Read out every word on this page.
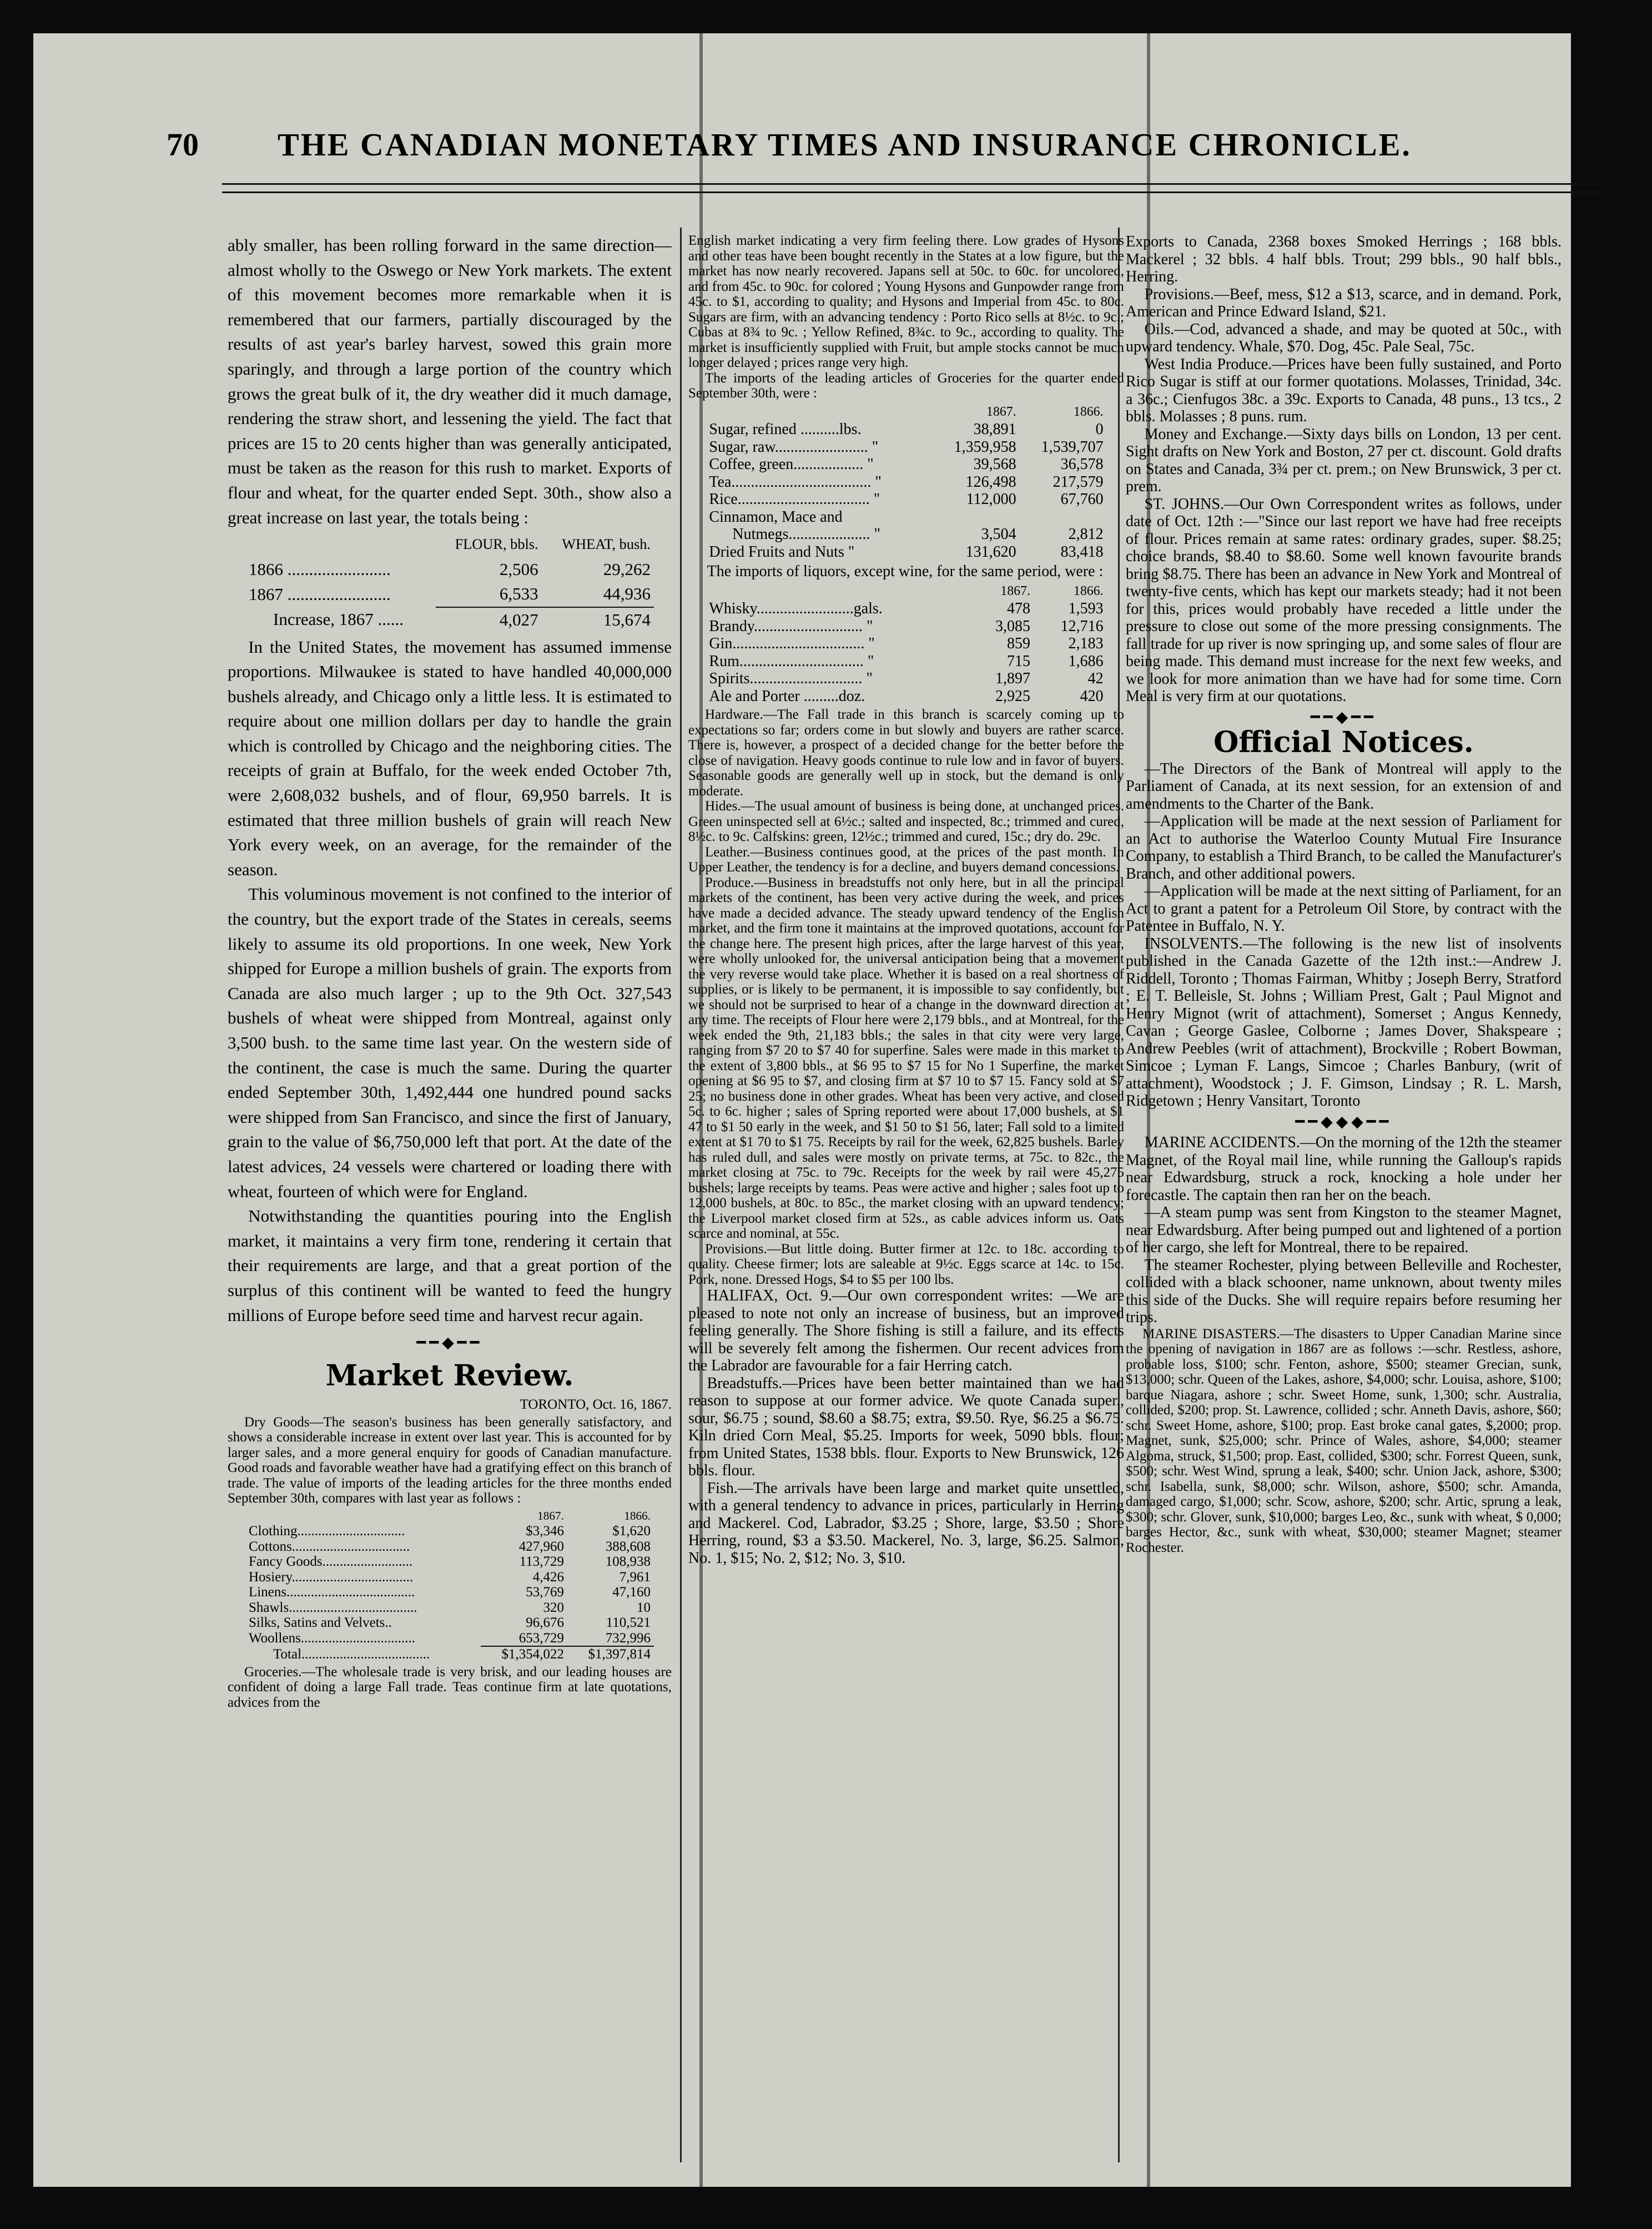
70	THE CANADIAN MONETARY TIMES AND INSURANCE CHRONICLE.

ably smaller, has been rolling forward in the same direction—almost wholly to the Oswego or New York markets. The extent of this movement becomes more remarkable when it is remembered that our farmers, partially discouraged by the results of ast year's barley harvest, sowed this grain more sparingly, and through a large portion of the country which grows the great bulk of it, the dry weather did it much damage, rendering the straw short, and lessening the yield. The fact that prices are 15 to 20 cents higher than was generally anticipated, must be taken as the reason for this rush to market. Exports of flour and wheat, for the quarter ended Sept. 30th., show also a great increase on last year, the totals being :

	FLOUR, bbls.	WHEAT, bush.
1866 ........................	2,506	29,262
1867 ........................	6,533	44,936
Increase, 1867 ......	4,027	15,674

In the United States, the movement has assumed immense proportions. Milwaukee is stated to have handled 40,000,000 bushels already, and Chicago only a little less. It is estimated to require about one million dollars per day to handle the grain which is controlled by Chicago and the neighboring cities. The receipts of grain at Buffalo, for the week ended October 7th, were 2,608,032 bushels, and of flour, 69,950 barrels. It is estimated that three million bushels of grain will reach New York every week, on an average, for the remainder of the season.

This voluminous movement is not confined to the interior of the country, but the export trade of the States in cereals, seems likely to assume its old proportions. In one week, New York shipped for Europe a million bushels of grain. The exports from Canada are also much larger ; up to the 9th Oct. 327,543 bushels of wheat were shipped from Montreal, against only 3,500 bush. to the same time last year. On the western side of the continent, the case is much the same. During the quarter ended September 30th, 1,492,444 one hundred pound sacks were shipped from San Francisco, and since the first of January, grain to the value of $6,750,000 left that port. At the date of the latest advices, 24 vessels were chartered or loading there with wheat, fourteen of which were for England.

Notwithstanding the quantities pouring into the English market, it maintains a very firm tone, rendering it certain that their requirements are large, and that a great portion of the surplus of this continent will be wanted to feed the hungry millions of Europe before seed time and harvest recur again.

━━◆━━
Market Review.
TORONTO, Oct. 16, 1867.

Dry Goods—The season's business has been generally satisfactory, and shows a considerable increase in extent over last year. This is accounted for by larger sales, and a more general enquiry for goods of Canadian manufacture. Good roads and favorable weather have had a gratifying effect on this branch of trade. The value of imports of the leading articles for the three months ended September 30th, compares with last year as follows :

	1867.	1866.
Clothing...............................	$3,346	$1,620
Cottons..................................	427,960	388,608
Fancy Goods..........................	113,729	108,938
Hosiery...................................	4,426	7,961
Linens.....................................	53,769	47,160
Shawls.....................................	320	10
Silks, Satins and Velvets..	96,676	110,521
Woollens.................................	653,729	732,996
Total.....................................	$1,354,022	$1,397,814

Groceries.—The wholesale trade is very brisk, and our leading houses are confident of doing a large Fall trade. Teas continue firm at late quotations, advices from the

English market indicating a very firm feeling there. Low grades of Hysons and other teas have been bought recently in the States at a low figure, but the market has now nearly recovered. Japans sell at 50c. to 60c. for uncolored, and from 45c. to 90c. for colored ; Young Hysons and Gunpowder range from 45c. to $1, according to quality; and Hysons and Imperial from 45c. to 80c. Sugars are firm, with an advancing tendency : Porto Rico sells at 8½c. to 9c.; Cubas at 8¾ to 9c. ; Yellow Refined, 8¾c. to 9c., according to quality. The market is insufficiently supplied with Fruit, but ample stocks cannot be much longer delayed ; prices range very high.

The imports of the leading articles of Groceries for the quarter ended September 30th, were :

	1867.	1866.
Sugar, refined ..........lbs.	38,891	0
Sugar, raw........................ "	1,359,958	1,539,707
Coffee, green.................. "	39,568	36,578
Tea.................................... "	126,498	217,579
Rice.................................. "	112,000	67,760
Cinnamon, Mace and		
Nutmegs..................... "	3,504	2,812
Dried Fruits and Nuts "	131,620	83,418

The imports of liquors, except wine, for the same period, were :

	1867.	1866.
Whisky.........................gals.	478	1,593
Brandy............................ "	3,085	12,716
Gin.................................. "	859	2,183
Rum................................ "	715	1,686
Spirits............................. "	1,897	42
Ale and Porter .........doz.	2,925	420

Hardware.—The Fall trade in this branch is scarcely coming up to expectations so far; orders come in but slowly and buyers are rather scarce. There is, however, a prospect of a decided change for the better before the close of navigation. Heavy goods continue to rule low and in favor of buyers. Seasonable goods are generally well up in stock, but the demand is only moderate.

Hides.—The usual amount of business is being done, at unchanged prices. Green uninspected sell at 6½c.; salted and inspected, 8c.; trimmed and cured, 8½c. to 9c. Calfskins: green, 12½c.; trimmed and cured, 15c.; dry do. 29c.

Leather.—Business continues good, at the prices of the past month. In Upper Leather, the tendency is for a decline, and buyers demand concessions.

Produce.—Business in breadstuffs not only here, but in all the principal markets of the continent, has been very active during the week, and prices have made a decided advance. The steady upward tendency of the English market, and the firm tone it maintains at the improved quotations, account for the change here. The present high prices, after the large harvest of this year, were wholly unlooked for, the universal anticipation being that a movement the very reverse would take place. Whether it is based on a real shortness of supplies, or is likely to be permanent, it is impossible to say confidently, but we should not be surprised to hear of a change in the downward direction at any time. The receipts of Flour here were 2,179 bbls., and at Montreal, for the week ended the 9th, 21,183 bbls.; the sales in that city were very large, ranging from $7 20 to $7 40 for superfine. Sales were made in this market to the extent of 3,800 bbls., at $6 95 to $7 15 for No 1 Superfine, the market opening at $6 95 to $7, and closing firm at $7 10 to $7 15. Fancy sold at $7 25; no business done in other grades. Wheat has been very active, and closed 5c. to 6c. higher ; sales of Spring reported were about 17,000 bushels, at $1 47 to $1 50 early in the week, and $1 50 to $1 56, later; Fall sold to a limited extent at $1 70 to $1 75. Receipts by rail for the week, 62,825 bushels. Barley has ruled dull, and sales were mostly on private terms, at 75c. to 82c., the market closing at 75c. to 79c. Receipts for the week by rail were 45,275 bushels; large receipts by teams. Peas were active and higher ; sales foot up to 12,000 bushels, at 80c. to 85c., the market closing with an upward tendency; the Liverpool market closed firm at 52s., as cable advices inform us. Oats scarce and nominal, at 55c.

Provisions.—But little doing. Butter firmer at 12c. to 18c. according to quality. Cheese firmer; lots are saleable at 9½c. Eggs scarce at 14c. to 15c. Pork, none. Dressed Hogs, $4 to $5 per 100 lbs.

HALIFAX, Oct. 9.—Our own correspondent writes: —We are pleased to note not only an increase of business, but an improved feeling generally. The Shore fishing is still a failure, and its effects will be severely felt among the fishermen. Our recent advices from the Labrador are favourable for a fair Herring catch.

Breadstuffs.—Prices have been better maintained than we had reason to suppose at our former advice. We quote Canada super., sour, $6.75 ; sound, $8.60 a $8.75; extra, $9.50. Rye, $6.25 a $6.75. Kiln dried Corn Meal, $5.25. Imports for week, 5090 bbls. flour; from United States, 1538 bbls. flour. Exports to New Brunswick, 126 bbls. flour.

Fish.—The arrivals have been large and market quite unsettled, with a general tendency to advance in prices, particularly in Herring and Mackerel. Cod, Labrador, $3.25 ; Shore, large, $3.50 ; Shore Herring, round, $3 a $3.50. Mackerel, No. 3, large, $6.25. Salmon, No. 1, $15; No. 2, $12; No. 3, $10.

Exports to Canada, 2368 boxes Smoked Herrings ; 168 bbls. Mackerel ; 32 bbls. 4 half bbls. Trout; 299 bbls., 90 half bbls., Herring.

Provisions.—Beef, mess, $12 a $13, scarce, and in demand. Pork, American and Prince Edward Island, $21.

Oils.—Cod, advanced a shade, and may be quoted at 50c., with upward tendency. Whale, $70. Dog, 45c. Pale Seal, 75c.

West India Produce.—Prices have been fully sustained, and Porto Rico Sugar is stiff at our former quotations. Molasses, Trinidad, 34c. a 36c.; Cienfugos 38c. a 39c. Exports to Canada, 48 puns., 13 tcs., 2 bbls. Molasses ; 8 puns. rum.

Money and Exchange.—Sixty days bills on London, 13 per cent. Sight drafts on New York and Boston, 27 per ct. discount. Gold drafts on States and Canada, 3¾ per ct. prem.; on New Brunswick, 3 per ct. prem.

ST. JOHNS.—Our Own Correspondent writes as follows, under date of Oct. 12th :—"Since our last report we have had free receipts of flour. Prices remain at same rates: ordinary grades, super. $8.25; choice brands, $8.40 to $8.60. Some well known favourite brands bring $8.75. There has been an advance in New York and Montreal of twenty-five cents, which has kept our markets steady; had it not been for this, prices would probably have receded a little under the pressure to close out some of the more pressing consignments. The fall trade for up river is now springing up, and some sales of flour are being made. This demand must increase for the next few weeks, and we look for more animation than we have had for some time. Corn Meal is very firm at our quotations.

━━◆━━
Official Notices.

—The Directors of the Bank of Montreal will apply to the Parliament of Canada, at its next session, for an extension of and amendments to the Charter of the Bank.

—Application will be made at the next session of Parliament for an Act to authorise the Waterloo County Mutual Fire Insurance Company, to establish a Third Branch, to be called the Manufacturer's Branch, and other additional powers.

—Application will be made at the next sitting of Parliament, for an Act to grant a patent for a Petroleum Oil Store, by contract with the Patentee in Buffalo, N. Y.

INSOLVENTS.—The following is the new list of insolvents published in the Canada Gazette of the 12th inst.:—Andrew J. Riddell, Toronto ; Thomas Fairman, Whitby ; Joseph Berry, Stratford ; E. T. Belleisle, St. Johns ; William Prest, Galt ; Paul Mignot and Henry Mignot (writ of attachment), Somerset ; Angus Kennedy, Cavan ; George Gaslee, Colborne ; James Dover, Shakspeare ; Andrew Peebles (writ of attachment), Brockville ; Robert Bowman, Simcoe ; Lyman F. Langs, Simcoe ; Charles Banbury, (writ of attachment), Woodstock ; J. F. Gimson, Lindsay ; R. L. Marsh, Ridgetown ; Henry Vansitart, Toronto

━━◆◆◆━━

MARINE ACCIDENTS.—On the morning of the 12th the steamer Magnet, of the Royal mail line, while running the Galloup's rapids near Edwardsburg, struck a rock, knocking a hole under her forecastle. The captain then ran her on the beach.

—A steam pump was sent from Kingston to the steamer Magnet, near Edwardsburg. After being pumped out and lightened of a portion of her cargo, she left for Montreal, there to be repaired.

The steamer Rochester, plying between Belleville and Rochester, collided with a black schooner, name unknown, about twenty miles this side of the Ducks. She will require repairs before resuming her trips.

MARINE DISASTERS.—The disasters to Upper Canadian Marine since the opening of navigation in 1867 are as follows :—schr. Restless, ashore, probable loss, $100; schr. Fenton, ashore, $500; steamer Grecian, sunk, $13,000; schr. Queen of the Lakes, ashore, $4,000; schr. Louisa, ashore, $100; barque Niagara, ashore ; schr. Sweet Home, sunk, 1,300; schr. Australia, collided, $200; prop. St. Lawrence, collided ; schr. Anneth Davis, ashore, $60; schr. Sweet Home, ashore, $100; prop. East broke canal gates, $,2000; prop. Magnet, sunk, $25,000; schr. Prince of Wales, ashore, $4,000; steamer Algoma, struck, $1,500; prop. East, collided, $300; schr. Forrest Queen, sunk, $500; schr. West Wind, sprung a leak, $400; schr. Union Jack, ashore, $300; schr. Isabella, sunk, $8,000; schr. Wilson, ashore, $500; schr. Amanda, damaged cargo, $1,000; schr. Scow, ashore, $200; schr. Artic, sprung a leak, $300; schr. Glover, sunk, $10,000; barges Leo, &c., sunk with wheat, $ 0,000; barges Hector, &c., sunk with wheat, $30,000; steamer Magnet; steamer Rochester.
